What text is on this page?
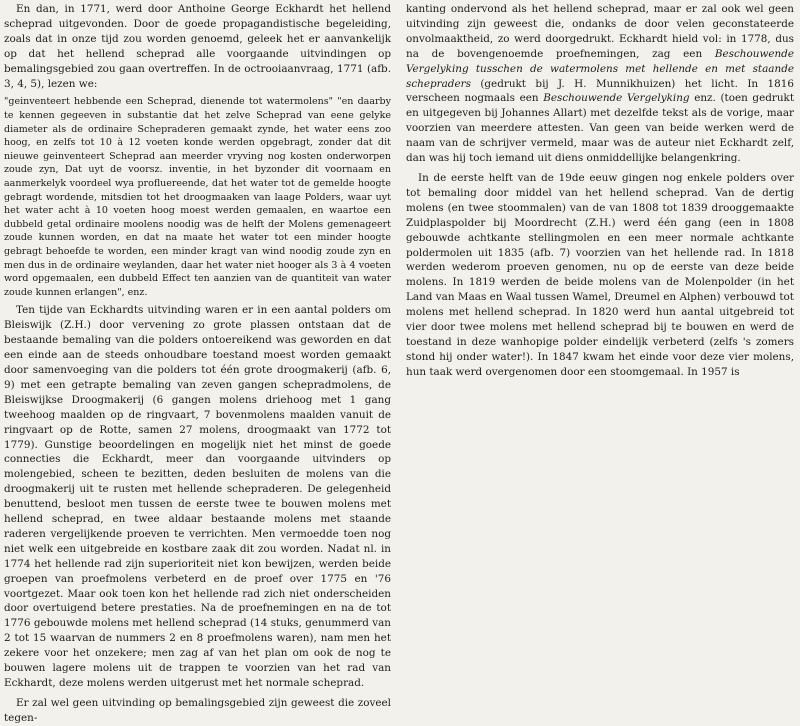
En dan, in 1771, werd door Anthoine George Eckhardt het hellend scheprad uitgevonden. Door de goede propagandistische begeleiding, zoals dat in onze tijd zou worden genoemd, geleek het er aanvankelijk op dat het hellend scheprad alle voorgaande uitvindingen op bemalingsgebied zou gaan overtreffen. In de octrooiaanvraag, 1771 (afb. 3, 4, 5), lezen we:

"geinventeert hebbende een Scheprad, dienende tot watermolens" "en daarby te kennen gegeeven in substantie dat het zelve Scheprad van eene gelyke diameter als de ordinaire Schepraderen gemaakt zynde, het water eens zoo hoog, en zelfs tot 10 à 12 voeten konde werden opgebragt, zonder dat dit nieuwe geinventeert Scheprad aan meerder vryving nog kosten onderworpen zoude zyn, Dat uyt de voorsz. inventie, in het byzonder dit voornaam en aanmerkelyk voordeel wya profluereende, dat het water tot de gemelde hoogte gebragt wordende, mitsdien tot het droogmaaken van laage Polders, waar uyt het water acht à 10 voeten hoog moest werden gemaalen, en waartoe een dubbeld getal ordinaire moolens noodig was de helft der Molens gemenageert zoude kunnen worden, en dat na maate het water tot een minder hoogte gebragt behoefde te worden, een minder kragt van wind noodig zoude zyn en men dus in de ordinaire weylanden, daar het water niet hooger als 3 à 4 voeten word opgemaalen, een dubbeld Effect ten aanzien van de quantiteit van water zoude kunnen erlangen", enz.

Ten tijde van Eckhardts uitvinding waren er in een aantal polders om Bleiswijk (Z.H.) door vervening zo grote plassen ontstaan dat de bestaande bemaling van die polders ontoereikend was geworden en dat een einde aan de steeds onhoudbare toestand moest worden gemaakt door samenvoeging van die polders tot één grote droogmakerij (afb. 6, 9) met een getrapte bemaling van zeven gangen schepradmolens, de Bleiswijkse Droogmakerij (6 gangen molens driehoog met 1 gang tweehoog maalden op de ringvaart, 7 bovenmolens maalden vanuit de ringvaart op de Rotte, samen 27 molens, droogmaakt van 1772 tot 1779). Gunstige beoordelingen en mogelijk niet het minst de goede connecties die Eckhardt, meer dan voorgaande uitvinders op molengebied, scheen te bezitten, deden besluiten de molens van die droogmakerij uit te rusten met hellende schepraderen. De gelegenheid benuttend, besloot men tussen de eerste twee te bouwen molens met hellend scheprad, en twee aldaar bestaande molens met staande raderen vergelijkende proeven te verrichten. Men vermoedde toen nog niet welk een uitgebreide en kostbare zaak dit zou worden. Nadat nl. in 1774 het hellende rad zijn superioriteit niet kon bewijzen, werden beide groepen van proefmolens verbeterd en de proef over 1775 en '76 voortgezet. Maar ook toen kon het hellende rad zich niet onderscheiden door overtuigend betere prestaties. Na de proefnemingen en na de tot 1776 gebouwde molens met hellend scheprad (14 stuks, genummerd van 2 tot 15 waarvan de nummers 2 en 8 proefmolens waren), nam men het zekere voor het onzekere; men zag af van het plan om ook de nog te bouwen lagere molens uit de trappen te voorzien van het rad van Eckhardt, deze molens werden uitgerust met het normale scheprad.

Er zal wel geen uitvinding op bemalingsgebied zijn geweest die zoveel tegen-

kanting ondervond als het hellend scheprad, maar er zal ook wel geen uitvinding zijn geweest die, ondanks de door velen geconstateerde onvolmaaktheid, zo werd doorgedrukt. Eckhardt hield vol: in 1778, dus na de bovengenoemde proefnemingen, zag een Beschouwende Vergelyking tusschen de watermolens met hellende en met staande schepraders (gedrukt bij J. H. Munnikhuizen) het licht. In 1816 verscheen nogmaals een Beschouwende Vergelyking enz. (toen gedrukt en uitgegeven bij Johannes Allart) met dezelfde tekst als de vorige, maar voorzien van meerdere attesten. Van geen van beide werken werd de naam van de schrijver vermeld, maar was de auteur niet Eckhardt zelf, dan was hij toch iemand uit diens onmiddellijke belangenkring.

In de eerste helft van de 19de eeuw gingen nog enkele polders over tot bemaling door middel van het hellend scheprad. Van de dertig molens (en twee stoommalen) van de van 1808 tot 1839 drooggemaakte Zuidplaspolder bij Moordrecht (Z.H.) werd één gang (een in 1808 gebouwde achtkante stellingmolen en een meer normale achtkante poldermolen uit 1835 (afb. 7) voorzien van het hellende rad. In 1818 werden wederom proeven genomen, nu op de eerste van deze beide molens. In 1819 werden de beide molens van de Molenpolder (in het Land van Maas en Waal tussen Wamel, Dreumel en Alphen) verbouwd tot molens met hellend scheprad. In 1820 werd hun aantal uitgebreid tot vier door twee molens met hellend scheprad bij te bouwen en werd de toestand in deze wanhopige polder eindelijk verbeterd (zelfs 's zomers stond hij onder water!). In 1847 kwam het einde voor deze vier molens, hun taak werd overgenomen door een stoomgemaal. In 1957 is
